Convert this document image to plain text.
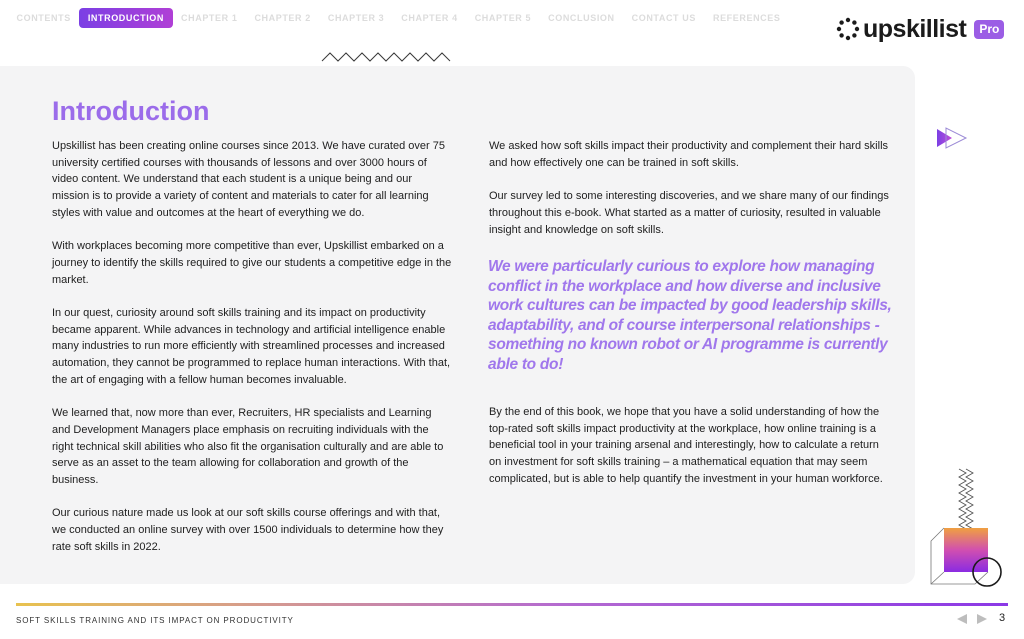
CONTENTS	INTRODUCTION	CHAPTER 1	CHAPTER 2	CHAPTER 3	CHAPTER 4	CHAPTER 5	CONCLUSION	CONTACT US	REFERENCES	upskillist	Pro
Introduction

Upskillist has been creating online courses since 2013. We have curated over 75 university certified courses with thousands of lessons and over 3000 hours of video content. We understand that each student is a unique being and our mission is to provide a variety of content and materials to cater for all learning styles with value and outcomes at the heart of everything we do.

With workplaces becoming more competitive than ever, Upskillist embarked on a journey to identify the skills required to give our students a competitive edge in the market.

In our quest, curiosity around soft skills training and its impact on productivity became apparent. While advances in technology and artificial intelligence enable many industries to run more efficiently with streamlined processes and increased automation, they cannot be programmed to replace human interactions. With that, the art of engaging with a fellow human becomes invaluable.

We learned that, now more than ever, Recruiters, HR specialists and Learning and Development Managers place emphasis on recruiting individuals with the right technical skill abilities who also fit the organisation culturally and are able to serve as an asset to the team allowing for collaboration and growth of the business.

Our curious nature made us look at our soft skills course offerings and with that, we conducted an online survey with over 1500 individuals to determine how they rate soft skills in 2022.

We asked how soft skills impact their productivity and complement their hard skills and how effectively one can be trained in soft skills.

Our survey led to some interesting discoveries, and we share many of our findings throughout this e-book. What started as a matter of curiosity, resulted in valuable insight and knowledge on soft skills.

We were particularly curious to explore how managing conflict in the workplace and how diverse and inclusive work cultures can be impacted by good leadership skills, adaptability, and of course interpersonal relationships - something no known robot or AI programme is currently able to do!

By the end of this book, we hope that you have a solid understanding of how the top-rated soft skills impact productivity at the workplace, how online training is a beneficial tool in your training arsenal and interestingly, how to calculate a return on investment for soft skills training – a mathematical equation that may seem complicated, but is able to help quantify the investment in your human workforce.

SOFT SKILLS TRAINING AND ITS IMPACT ON PRODUCTIVITY	3
